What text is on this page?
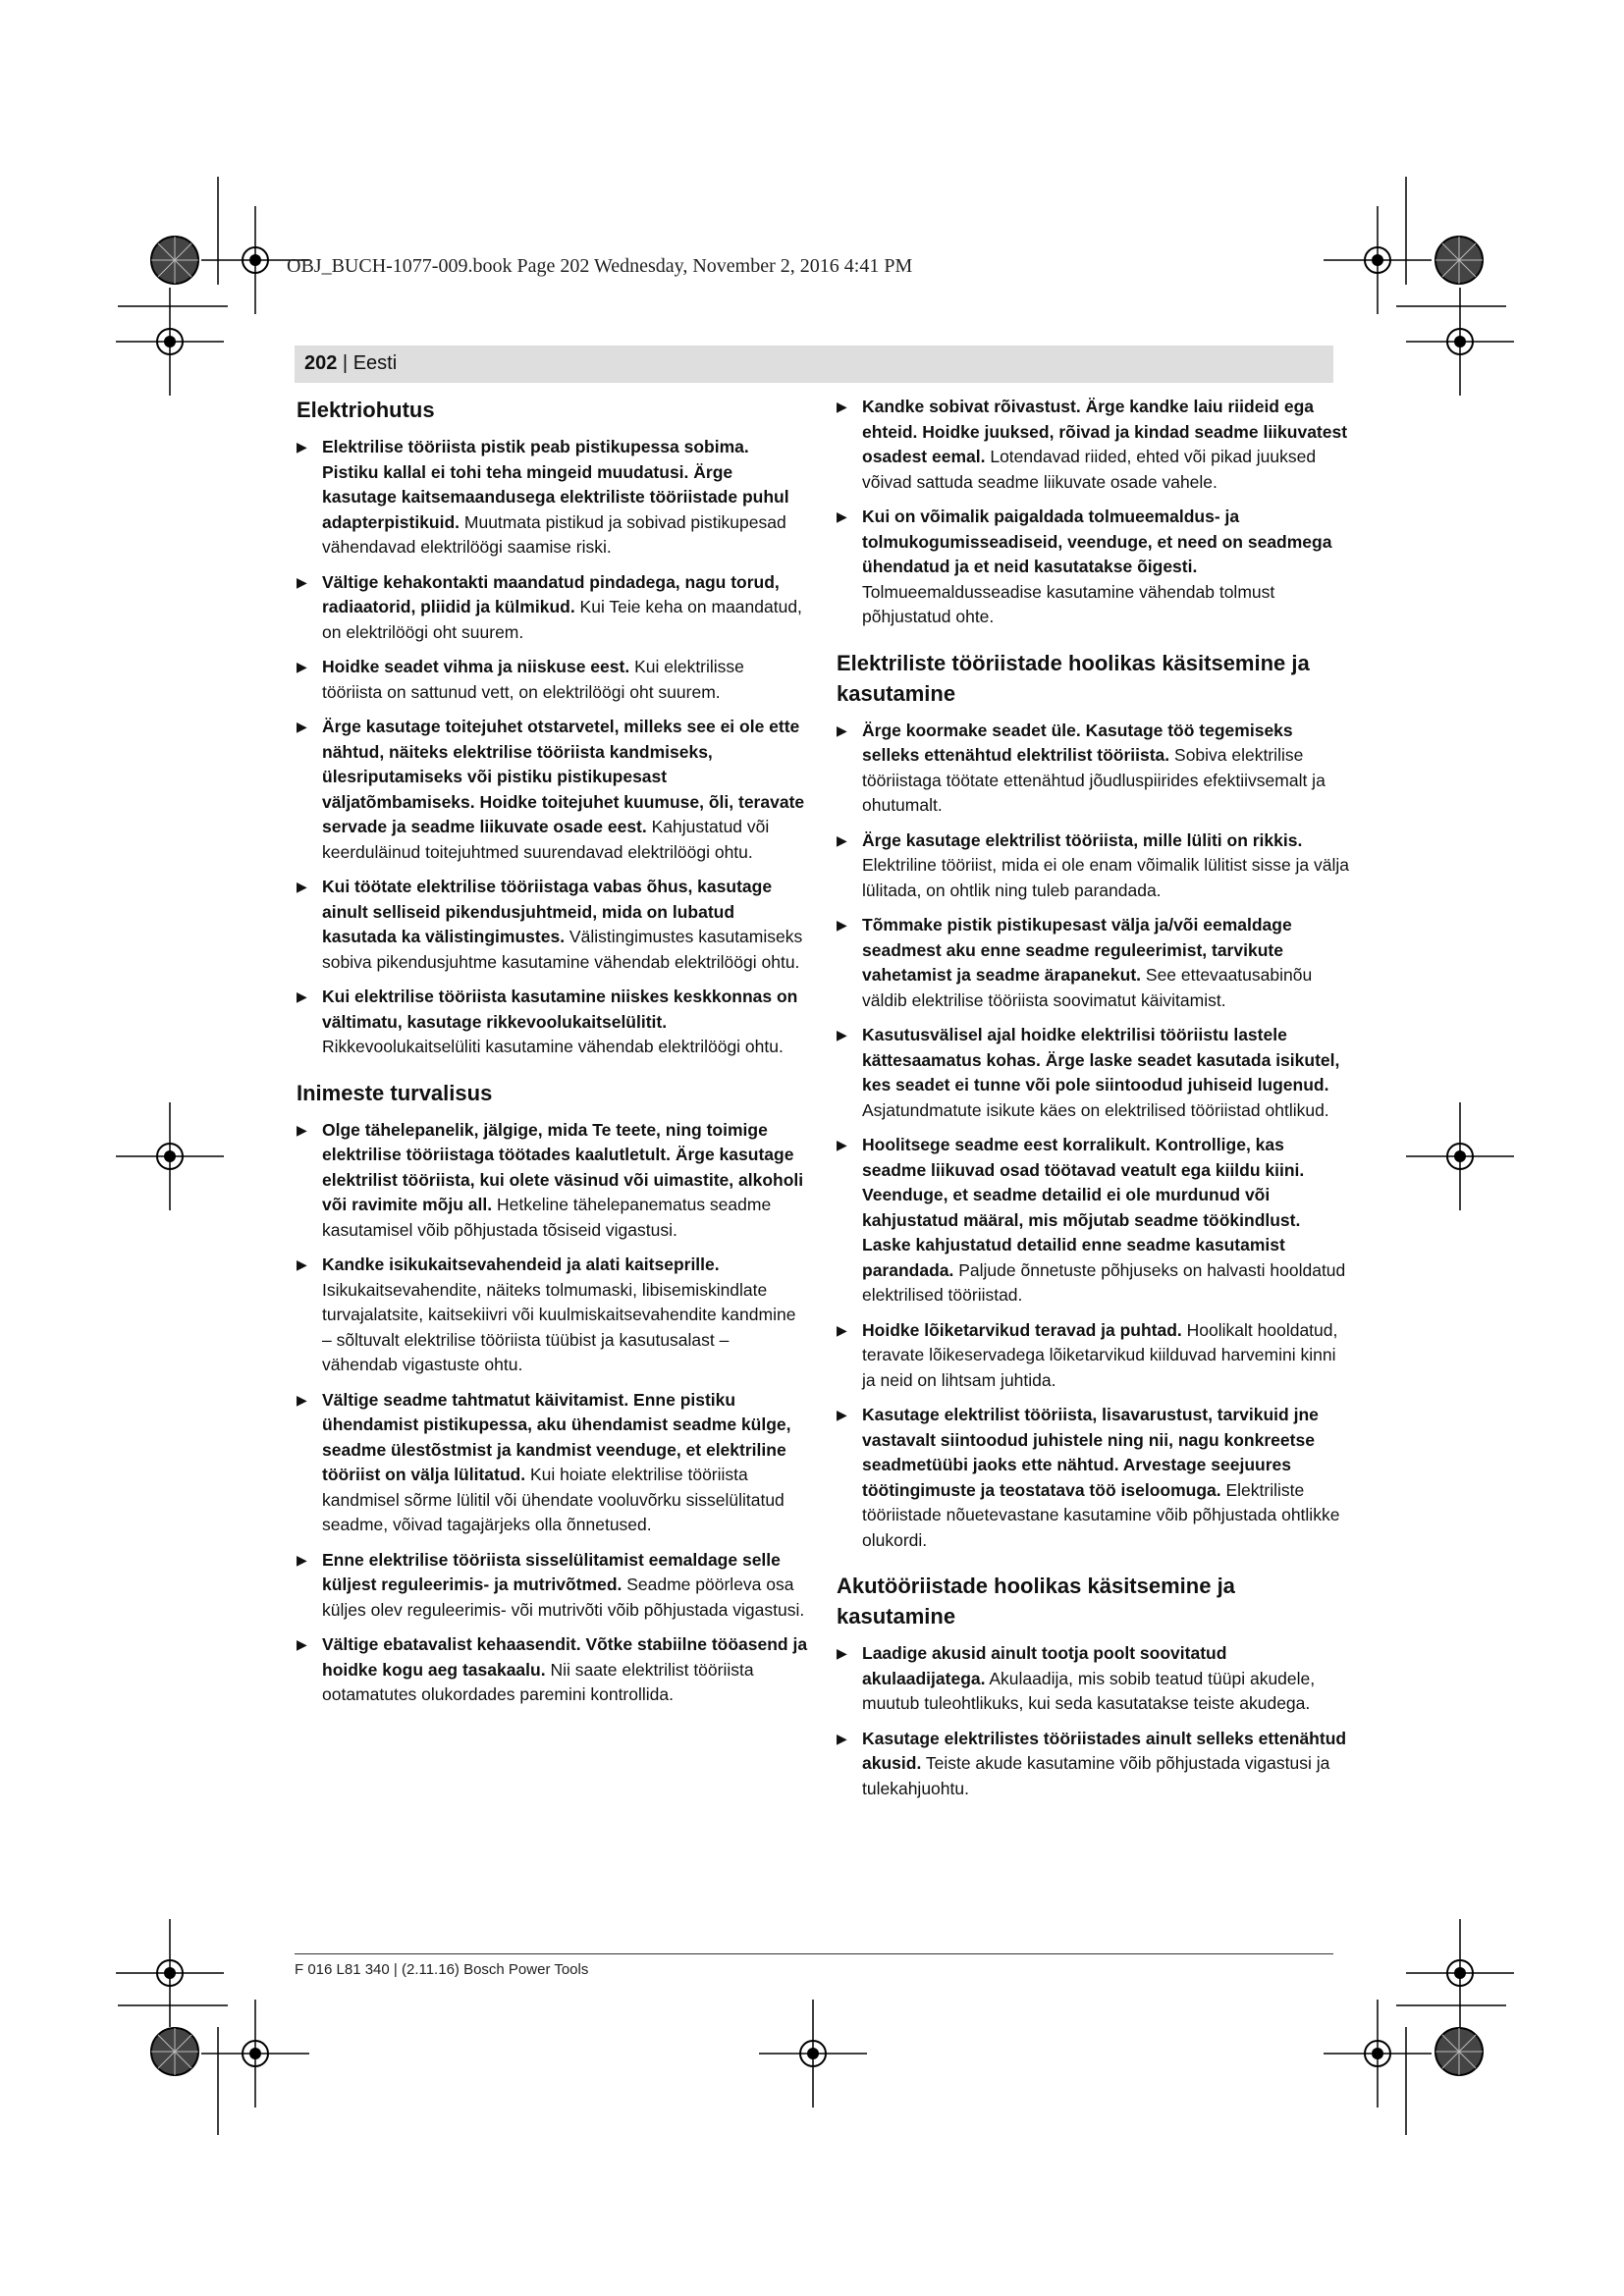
OBJ_BUCH-1077-009.book Page 202 Wednesday, November 2, 2016 4:41 PM
202 | Eesti
Elektriohutus
▶ Elektrilise tööriista pistik peab pistikupessa sobima. Pistiku kallal ei tohi teha mingeid muudatusi. Ärge kasutage kaitsemaandusega elektriliste tööriistade puhul adapterpistikuid. Muutmata pistikud ja sobivad pistikupesad vähendavad elektrilöögi saamise riski.
▶ Vältige kehakontakti maandatud pindadega, nagu torud, radiaatorid, pliidid ja külmikud. Kui Teie keha on maandatud, on elektrilöögi oht suurem.
▶ Hoidke seadet vihma ja niiskuse eest. Kui elektrilisse tööriista on sattunud vett, on elektrilöögi oht suurem.
▶ Ärge kasutage toitejuhet otstarvetel, milleks see ei ole ette nähtud, näiteks elektrilise tööriista kandmiseks, ülesriputamiseks või pistiku pistikupesast väljatõmbamiseks. Hoidke toitejuhet kuumuse, õli, teravate servade ja seadme liikuvate osade eest. Kahjustatud või keerduläinud toitejuhtmed suurendavad elektrilöögi ohtu.
▶ Kui töötate elektrilise tööriistaga vabas õhus, kasutage ainult selliseid pikendusjuhtmeid, mida on lubatud kasutada ka välistingimustes. Välistingimustes kasutamiseks sobiva pikendusjuhtme kasutamine vähendab elektrilöögi ohtu.
▶ Kui elektrilise tööriista kasutamine niiskes keskkonnas on vältimatu, kasutage rikkevoolukaitselülitit. Rikkevoolukaitselüliti kasutamine vähendab elektrilöögi ohtu.
Inimeste turvalisus
▶ Olge tähelepanelik, jälgige, mida Te teete, ning toimige elektrilise tööriistaga töötades kaalutletult. Ärge kasutage elektrilist tööriista, kui olete väsinud või uimastite, alkoholi või ravimite mõju all. Hetkeline tähelepanematus seadme kasutamisel võib põhjustada tõsiseid vigastusi.
▶ Kandke isikukaitsevahendeid ja alati kaitseprille. Isikukaitsevahendite, näiteks tolmumaski, libisemiskindlate turvajalatsite, kaitsekiivri või kuulmiskaitsevahendite kandmine – sõltuvalt elektrilise tööriista tüübist ja kasutusalast – vähendab vigastuste ohtu.
▶ Vältige seadme tahtmatut käivitamist. Enne pistiku ühendamist pistikupessa, aku ühendamist seadme külge, seadme ülestõstmist ja kandmist veenduge, et elektriline tööriist on välja lülitatud. Kui hoiate elektrilise tööriista kandmisel sõrme lülitil või ühendate vooluvõrku sisselülitatud seadme, võivad tagajärjeks olla õnnetused.
▶ Enne elektrilise tööriista sisselülitamist eemaldage selle küljest reguleerimis- ja mutrivõtmed. Seadme pöörleva osa küljes olev reguleerimis- või mutrivõti võib põhjustada vigastusi.
▶ Vältige ebatavalist kehaasendit. Võtke stabiilne tööasend ja hoidke kogu aeg tasakaalu. Nii saate elektrilist tööriista ootamatutes olukordades paremini kontrollida.
▶ Kandke sobivat rõivastust. Ärge kandke laiu riideid ega ehteid. Hoidke juuksed, rõivad ja kindad seadme liikuvatest osadest eemal. Lotendavad riided, ehted või pikad juuksed võivad sattuda seadme liikuvate osade vahele.
▶ Kui on võimalik paigaldada tolmueemaldus- ja tolmukogumisseadiseid, veenduge, et need on seadmega ühendatud ja et neid kasutatakse õigesti. Tolmueemaldusseadise kasutamine vähendab tolmust põhjustatud ohte.
Elektriliste tööriistade hoolikas käsitsemine ja kasutamine
▶ Ärge koormake seadet üle. Kasutage töö tegemiseks selleks ettenähtud elektrilist tööriista. Sobiva elektrilise tööriistaga töötate ettenähtud jõudluspiirides efektiivsemalt ja ohutumalt.
▶ Ärge kasutage elektrilist tööriista, mille lüliti on rikkis. Elektriline tööriist, mida ei ole enam võimalik lülitist sisse ja välja lülitada, on ohtlik ning tuleb parandada.
▶ Tõmmake pistik pistikupesast välja ja/või eemaldage seadmest aku enne seadme reguleerimist, tarvikute vahetamist ja seadme ärapanekut. See ettevaatusabinõu väldib elektrilise tööriista soovimatut käivitamist.
▶ Kasutusvälisel ajal hoidke elektrilisi tööriistu lastele kättesaamatus kohas. Ärge laske seadet kasutada isikutel, kes seadet ei tunne või pole siintoodud juhiseid lugenud. Asjatundmatute isikute käes on elektrilised tööriistad ohtlikud.
▶ Hoolitsege seadme eest korralikult. Kontrollige, kas seadme liikuvad osad töötavad veatult ega kiildu kiini. Veenduge, et seadme detailid ei ole murdunud või kahjustatud määral, mis mõjutab seadme töökindlust. Laske kahjustatud detailid enne seadme kasutamist parandada. Paljude õnnetuste põhjuseks on halvasti hooldatud elektrilised tööriistad.
▶ Hoidke lõiketarvikud teravad ja puhtad. Hoolikalt hooldatud, teravate lõikeservadega lõiketarvikud kiilduvad harvemini kinni ja neid on lihtsam juhtida.
▶ Kasutage elektrilist tööriista, lisavarustust, tarvikuid jne vastavalt siintoodud juhistele ning nii, nagu konkreetse seadmetüübi jaoks ette nähtud. Arvestage seejuures töötingimuste ja teostatava töö iseloomuga. Elektriliste tööriistade nõuetevastane kasutamine võib põhjustada ohtlikke olukordi.
Akutööriistade hoolikas käsitsemine ja kasutamine
▶ Laadige akusid ainult tootja poolt soovitatud akulaadijatega. Akulaadija, mis sobib teatud tüüpi akudele, muutub tuleohtlikuks, kui seda kasutatakse teiste akudega.
▶ Kasutage elektrilistes tööriistades ainult selleks ettenähtud akusid. Teiste akude kasutamine võib põhjustada vigastusi ja tulekahjuohtu.
F 016 L81 340 | (2.11.16) Bosch Power Tools
